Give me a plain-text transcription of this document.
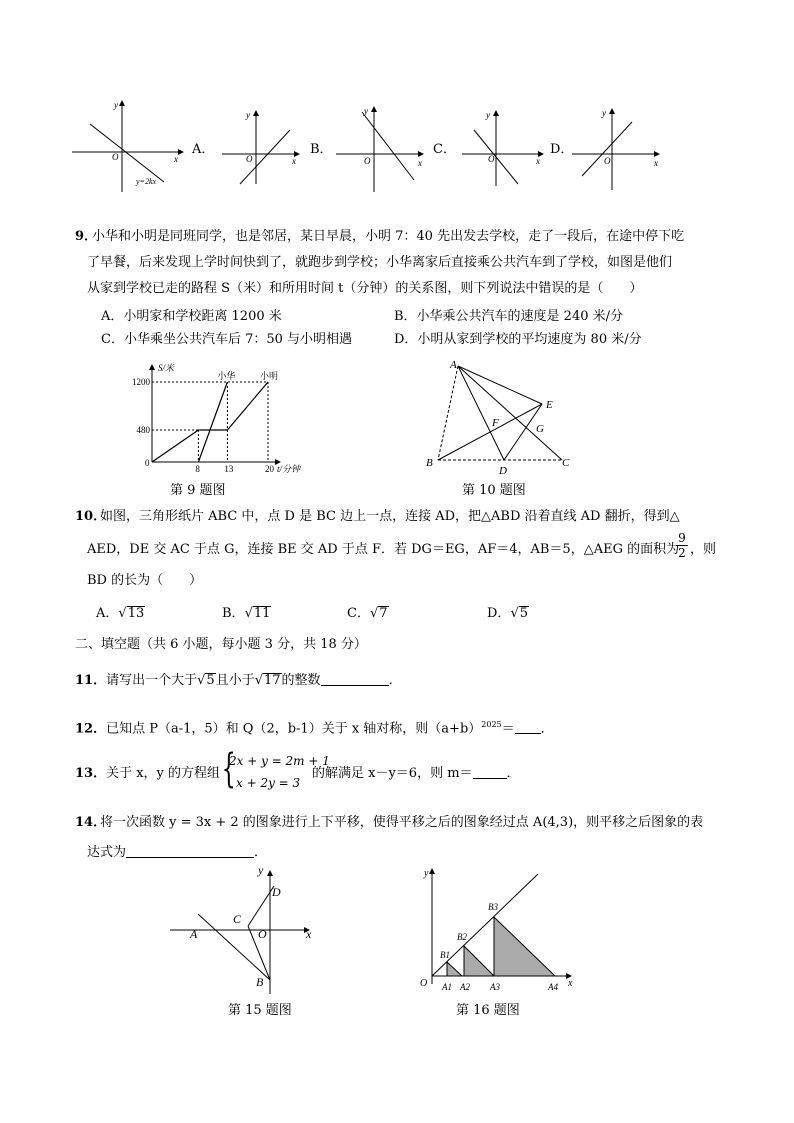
y
x
O
y=2kx
A．
y
x
O
B．
y
x
O
C．
y
x
O
D．
y
x
O
9．
小华和小明是同班同学，也是邻居，某日早晨，小明 7：40 先出发去学校，走了一段后，在途中停下吃
了早餐，后来发现上学时间快到了，就跑步到学校；小华离家后直接乘公共汽车到了学校，如图是他们
从家到学校已走的路程 S（米）和所用时间 t（分钟）的关系图，则下列说法中错误的是（　　）
A．小明家和学校距离 1200 米	B．小华乘公共汽车的速度是 240 米/分
C．小华乘坐公共汽车后 7：50 与小明相遇	D．小明从家到学校的平均速度为 80 米/分
8	13	20
480
1200
小华	小明
S/米
t/分钟
0
第 9 题图
A
B	C
D
E
F	G
第 10 题图
10．
如图，三角形纸片 ABC 中，点 D 是 BC 边上一点，连接 AD，把△ABD 沿着直线 AD 翻折，得到△
AED，DE 交 AC 于点 G，连接 BE 交 AD 于点 F．若 DG＝EG，AF＝4，AB＝5，△AEG 的面积为
$\frac{9}{2}$ ，则
BD 的长为（　　）
A．√13	B．√11	C．√7	D．√5
二、填空题（共 6 小题，每小题 3 分，共 18 分）
11．请写出一个大于√5且小于√17的整数	．
12．已知点 P（a-1，5）和 Q（2，b-1）关于 x 轴对称，则$(a+b)^{2025}=$ ．
13．关于 x，y 的方程组 {
2x + y = 2m + 1
x + 2y = 3
的解满足 x－y＝6，则 m＝	．
14．
将一次函数 y = 3x + 2 的图象进行上下平移，使得平移之后的图象经过点 A(4,3)，则平移之后图象的表
达式为	．
y
x
D
C
A	O
B
第 15 题图
y
x
O
B1
B2
B3
A1 A2 A3	A4
第 16 题图
